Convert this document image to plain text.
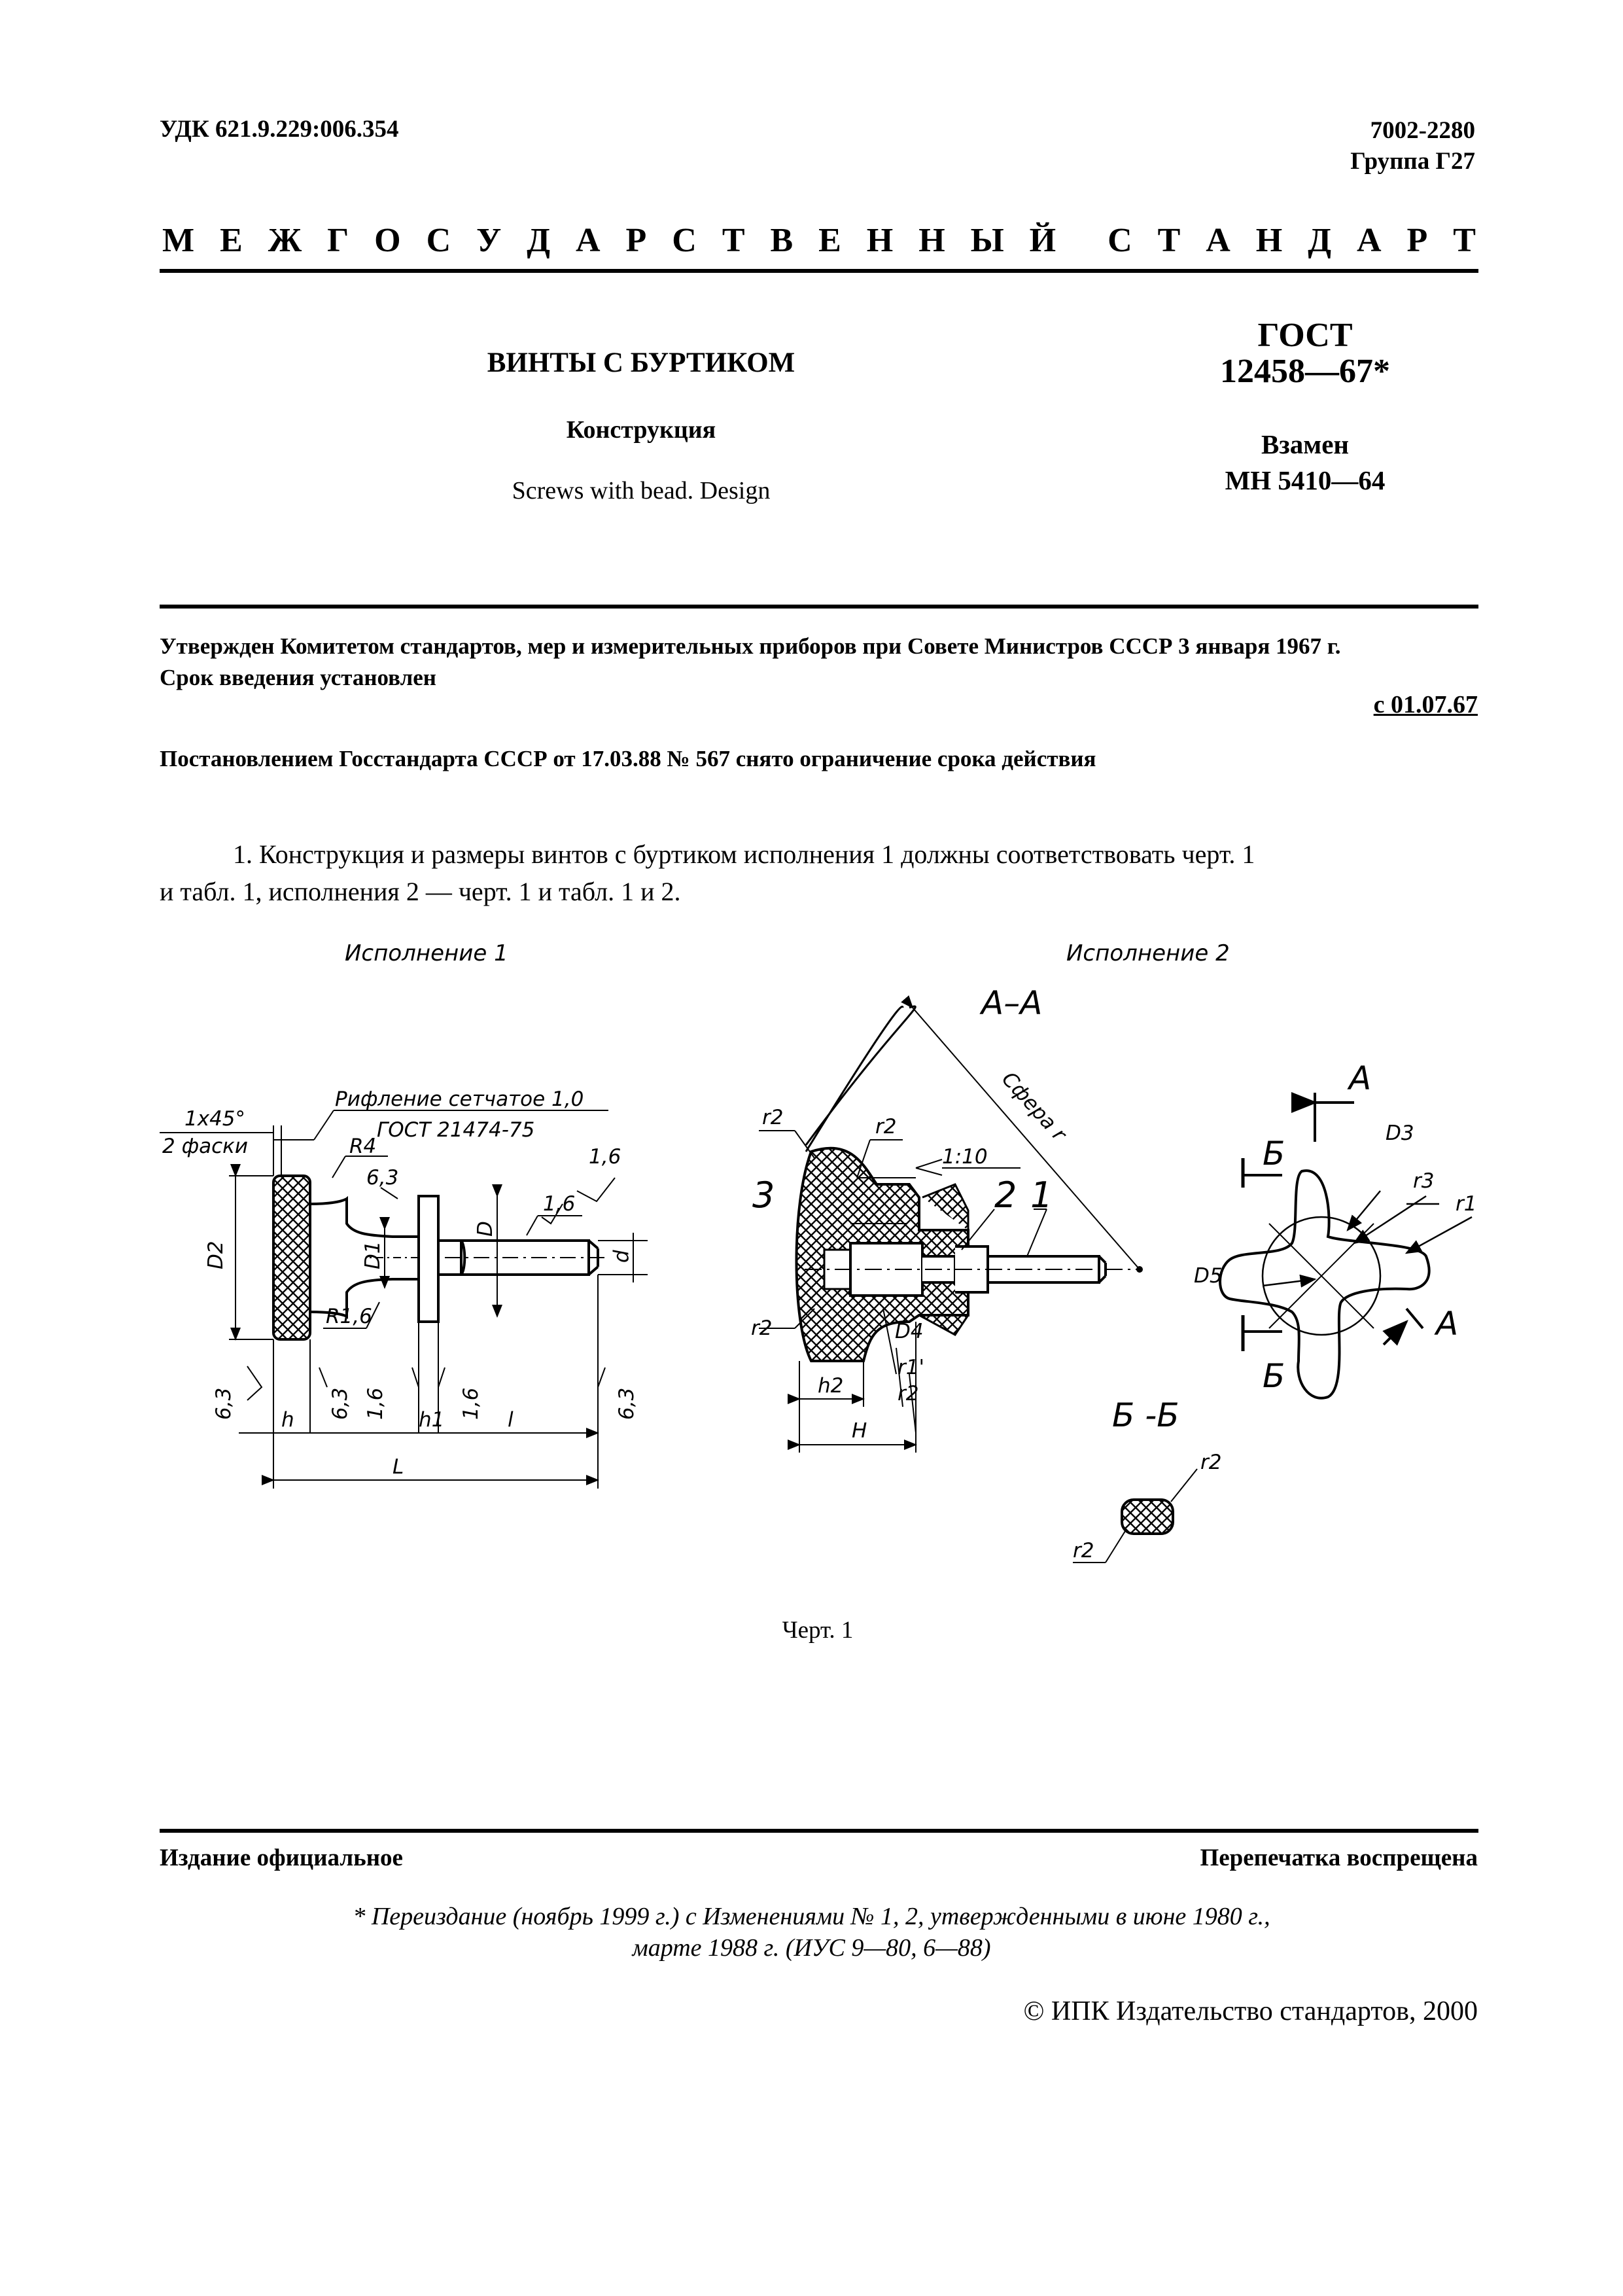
УДК 621.9.229:006.354	7002-2280
Группа Г27
М Е Ж Г О С У Д А Р С Т В Е Н Н Ы Й С Т А Н Д А Р Т
ВИНТЫ С БУРТИКОМ
Конструкция
Screws with bead. Design
ГОСТ
12458—67*
Взамен
МН 5410—64
Утвержден Комитетом стандартов, мер и измерительных приборов при Совете Министров СССР 3 января 1967 г.
Срок введения установлен
с 01.07.67
Постановлением Госстандарта СССР от 17.03.88 № 567 снято ограничение срока действия
1. Конструкция и размеры винтов с буртиком исполнения 1 должны соответствовать черт. 1
и табл. 1, исполнения 2 — черт. 1 и табл. 1 и 2.
Исполнение 1	Исполнение 2
1х45°
2 фаски
Рифление сетчатое 1,0
ГОСТ 21474-75
R4
6,3
1,6
1,6
D
D1
D2	d
R1,6
6,3	6,3 1,6	1,6	6,3
h	h1	l
L
А–А
Сфера r
r2	r2
1:10
3	2 1
r2	D4
r1'
r2
h2
H
А
А
Б
Б
D3
r3
r1
D5
Б -Б
r2
r2
Черт. 1
Издание официальное	Перепечатка воспрещена
* Переиздание (ноябрь 1999 г.) с Изменениями № 1, 2, утвержденными в июне 1980 г.,
марте 1988 г. (ИУС 9—80, 6—88)
© ИПК Издательство стандартов, 2000
